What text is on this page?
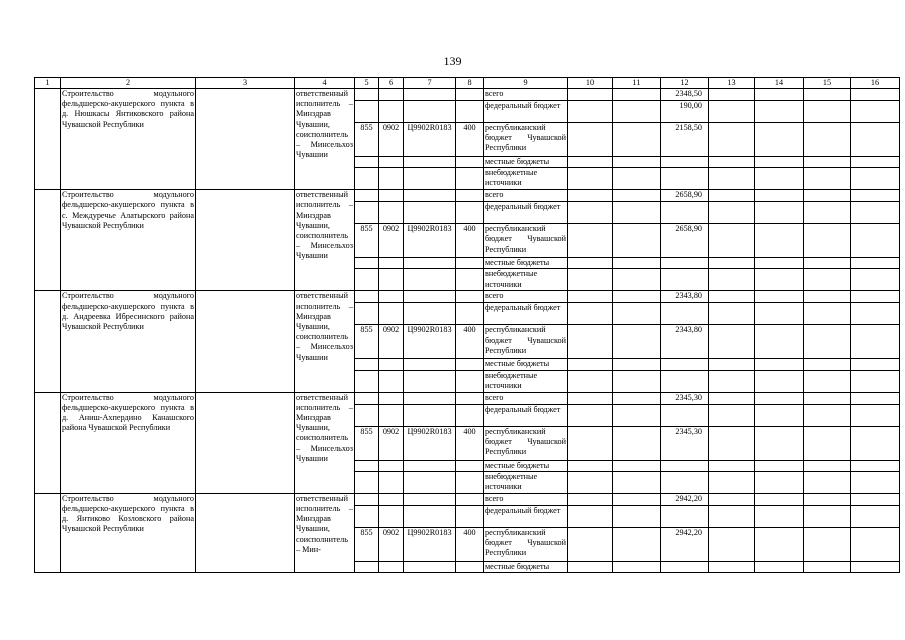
139
1	2	3	4	5	6	7	8	9	10	11	12	13	14	15	16
	Строительство модульного фельдшерско-акушерского пункта в д. Нюшкасы Янтиковского района Чувашской Республики		ответственный исполнитель – Минздрав Чувашии, соисполнитель – Минсельхоз Чувашии					всего			2348,50				
								федеральный бюджет			190,00				
				855	0902	Ц9902R0183	400	республиканский бюджет Чувашской Республики			2158,50				
								местные бюджеты							
								внебюджетные источники							
	Строительство модульного фельдшерско-акушерского пункта в с. Междуречье Алатырского района Чувашской Республики		ответственный исполнитель – Минздрав Чувашии, соисполнитель – Минсельхоз Чувашии					всего			2658,90				
								федеральный бюджет							
				855	0902	Ц9902R0183	400	республиканский бюджет Чувашской Республики			2658,90				
								местные бюджеты							
								внебюджетные источники							
	Строительство модульного фельдшерско-акушерского пункта в д. Андреевка Ибресинского района Чувашской Республики		ответственный исполнитель – Минздрав Чувашии, соисполнитель – Минсельхоз Чувашии					всего			2343,80				
								федеральный бюджет							
				855	0902	Ц9902R0183	400	республиканский бюджет Чувашской Республики			2343,80				
								местные бюджеты							
								внебюджетные источники							
	Строительство модульного фельдшерско-акушерского пункта в д. Аниш-Ахпердино Канашского района Чувашской Республики		ответственный исполнитель – Минздрав Чувашии, соисполнитель – Минсельхоз Чувашии					всего			2345,30				
								федеральный бюджет							
				855	0902	Ц9902R0183	400	республиканский бюджет Чувашской Республики			2345,30				
								местные бюджеты							
								внебюджетные источники							
	Строительство модульного фельдшерско-акушерского пункта в д. Янтиково Козловского района Чувашской Республики		ответственный исполнитель – Минздрав Чувашии, соисполнитель – Мин-					всего			2942,20				
								федеральный бюджет							
				855	0902	Ц9902R0183	400	республиканский бюджет Чувашской Республики			2942,20				
								местные бюджеты							
